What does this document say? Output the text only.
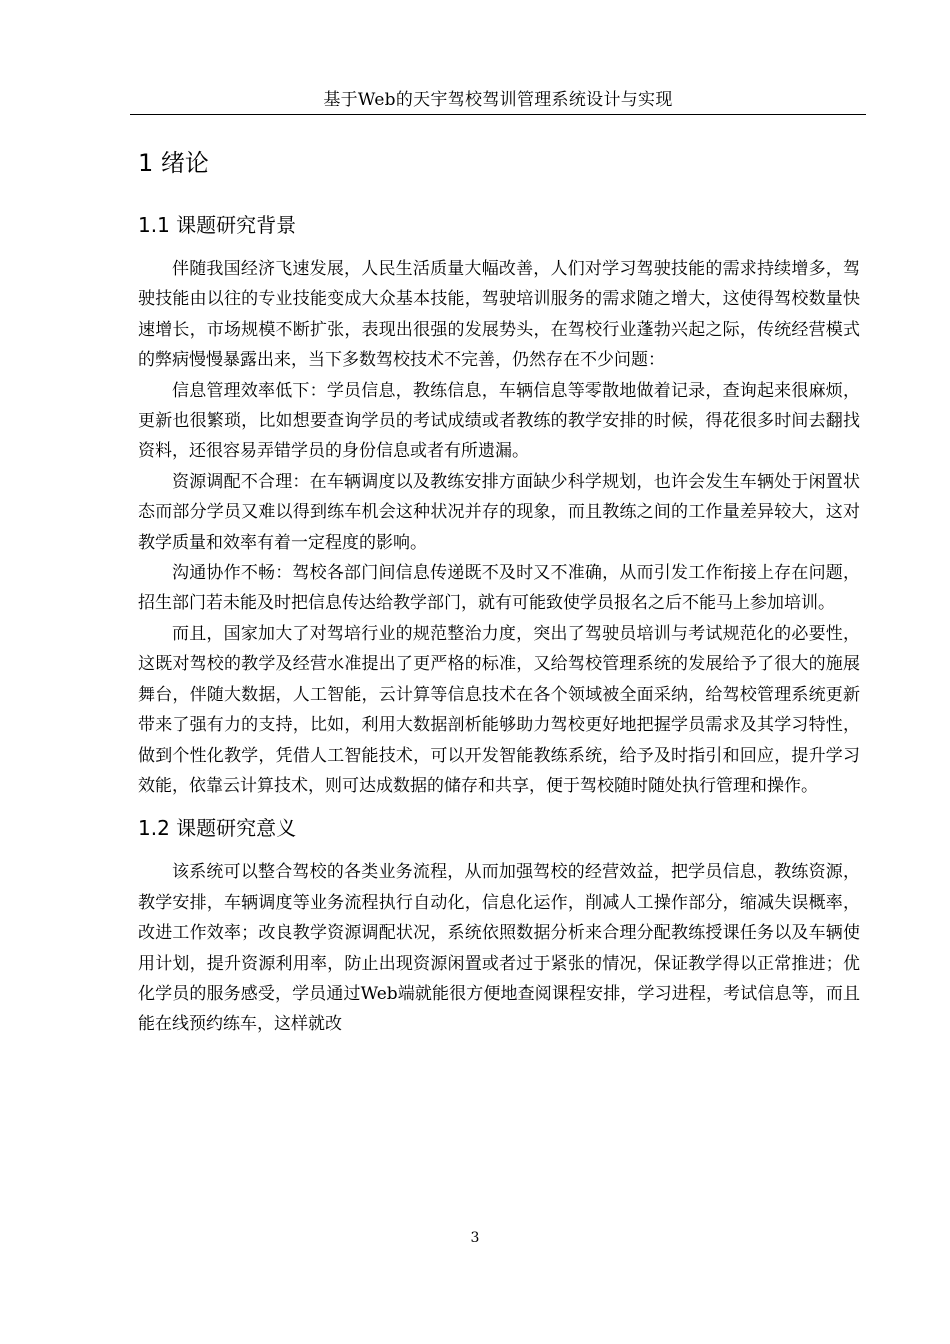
基于Web的天宇驾校驾训管理系统设计与实现
1 绪论
1.1 课题研究背景

伴随我国经济飞速发展，人民生活质量大幅改善，人们对学习驾驶技能的需求持续增多，驾驶技能由以往的专业技能变成大众基本技能，驾驶培训服务的需求随之增大，这使得驾校数量快速增长，市场规模不断扩张，表现出很强的发展势头，在驾校行业蓬勃兴起之际，传统经营模式的弊病慢慢暴露出来，当下多数驾校技术不完善，仍然存在不少问题：

信息管理效率低下：学员信息，教练信息，车辆信息等零散地做着记录，查询起来很麻烦，更新也很繁琐，比如想要查询学员的考试成绩或者教练的教学安排的时候，得花很多时间去翻找资料，还很容易弄错学员的身份信息或者有所遗漏。

资源调配不合理：在车辆调度以及教练安排方面缺少科学规划，也许会发生车辆处于闲置状态而部分学员又难以得到练车机会这种状况并存的现象，而且教练之间的工作量差异较大，这对教学质量和效率有着一定程度的影响。

沟通协作不畅：驾校各部门间信息传递既不及时又不准确，从而引发工作衔接上存在问题，招生部门若未能及时把信息传达给教学部门，就有可能致使学员报名之后不能马上参加培训。

而且，国家加大了对驾培行业的规范整治力度，突出了驾驶员培训与考试规范化的必要性，这既对驾校的教学及经营水准提出了更严格的标准，又给驾校管理系统的发展给予了很大的施展舞台，伴随大数据，人工智能，云计算等信息技术在各个领域被全面采纳，给驾校管理系统更新带来了强有力的支持，比如，利用大数据剖析能够助力驾校更好地把握学员需求及其学习特性，做到个性化教学，凭借人工智能技术，可以开发智能教练系统，给予及时指引和回应，提升学习效能，依靠云计算技术，则可达成数据的储存和共享，便于驾校随时随处执行管理和操作。

1.2 课题研究意义

该系统可以整合驾校的各类业务流程，从而加强驾校的经营效益，把学员信息，教练资源，教学安排，车辆调度等业务流程执行自动化，信息化运作，削减人工操作部分，缩减失误概率，改进工作效率；改良教学资源调配状况，系统依照数据分析来合理分配教练授课任务以及车辆使用计划，提升资源利用率，防止出现资源闲置或者过于紧张的情况，保证教学得以正常推进；优化学员的服务感受，学员通过Web端就能很方便地查阅课程安排，学习进程，考试信息等，而且能在线预约练车，这样就改

3
